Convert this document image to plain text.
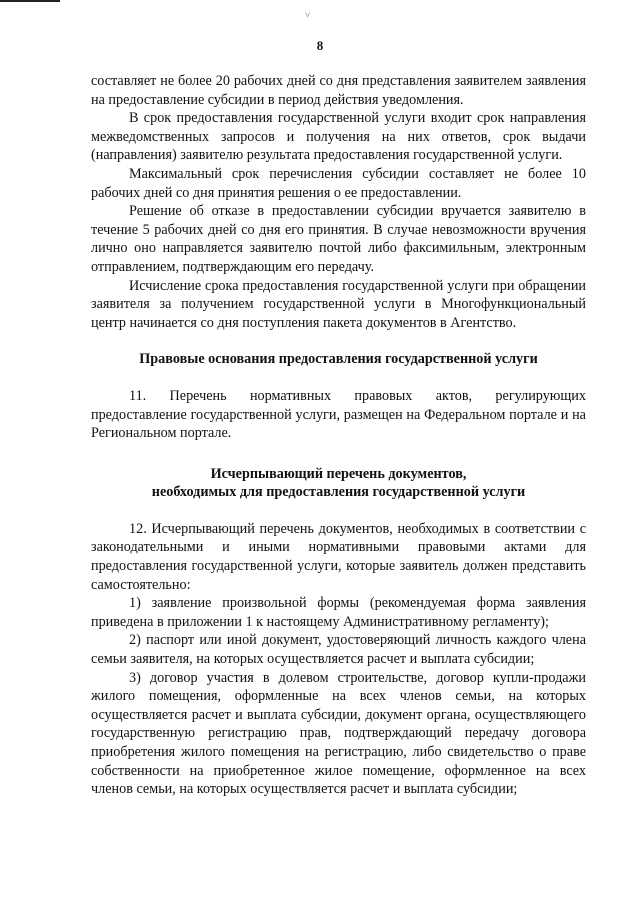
˅
8

составляет не более 20 рабочих дней со дня представления заявителем заявления на предоставление субсидии в период действия уведомления.

В срок предоставления государственной услуги входит срок направления межведомственных запросов и получения на них ответов, срок выдачи (направления) заявителю результата предоставления государственной услуги.

Максимальный срок перечисления субсидии составляет не более 10 рабочих дней со дня принятия решения о ее предоставлении.

Решение об отказе в предоставлении субсидии вручается заявителю в течение 5 рабочих дней со дня его принятия. В случае невозможности вручения лично оно направляется заявителю почтой либо факсимильным, электронным отправлением, подтверждающим его передачу.

Исчисление срока предоставления государственной услуги при обращении заявителя за получением государственной услуги в Многофункциональный центр начинается со дня поступления пакета документов в Агентство.

Правовые основания предоставления государственной услуги

11. Перечень нормативных правовых актов, регулирующих предоставление государственной услуги, размещен на Федеральном портале и на Региональном портале.

Исчерпывающий перечень документов,
необходимых для предоставления государственной услуги

12. Исчерпывающий перечень документов, необходимых в соответствии с законодательными и иными нормативными правовыми актами для предоставления государственной услуги, которые заявитель должен представить самостоятельно:

1) заявление произвольной формы (рекомендуемая форма заявления приведена в приложении 1 к настоящему Административному регламенту);

2) паспорт или иной документ, удостоверяющий личность каждого члена семьи заявителя, на которых осуществляется расчет и выплата субсидии;

3) договор участия в долевом строительстве, договор купли-продажи жилого помещения, оформленные на всех членов семьи, на которых осуществляется расчет и выплата субсидии, документ органа, осуществляющего государственную регистрацию прав, подтверждающий передачу договора приобретения жилого помещения на регистрацию, либо свидетельство о праве собственности на приобретенное жилое помещение, оформленное на всех членов семьи, на которых осуществляется расчет и выплата субсидии;
